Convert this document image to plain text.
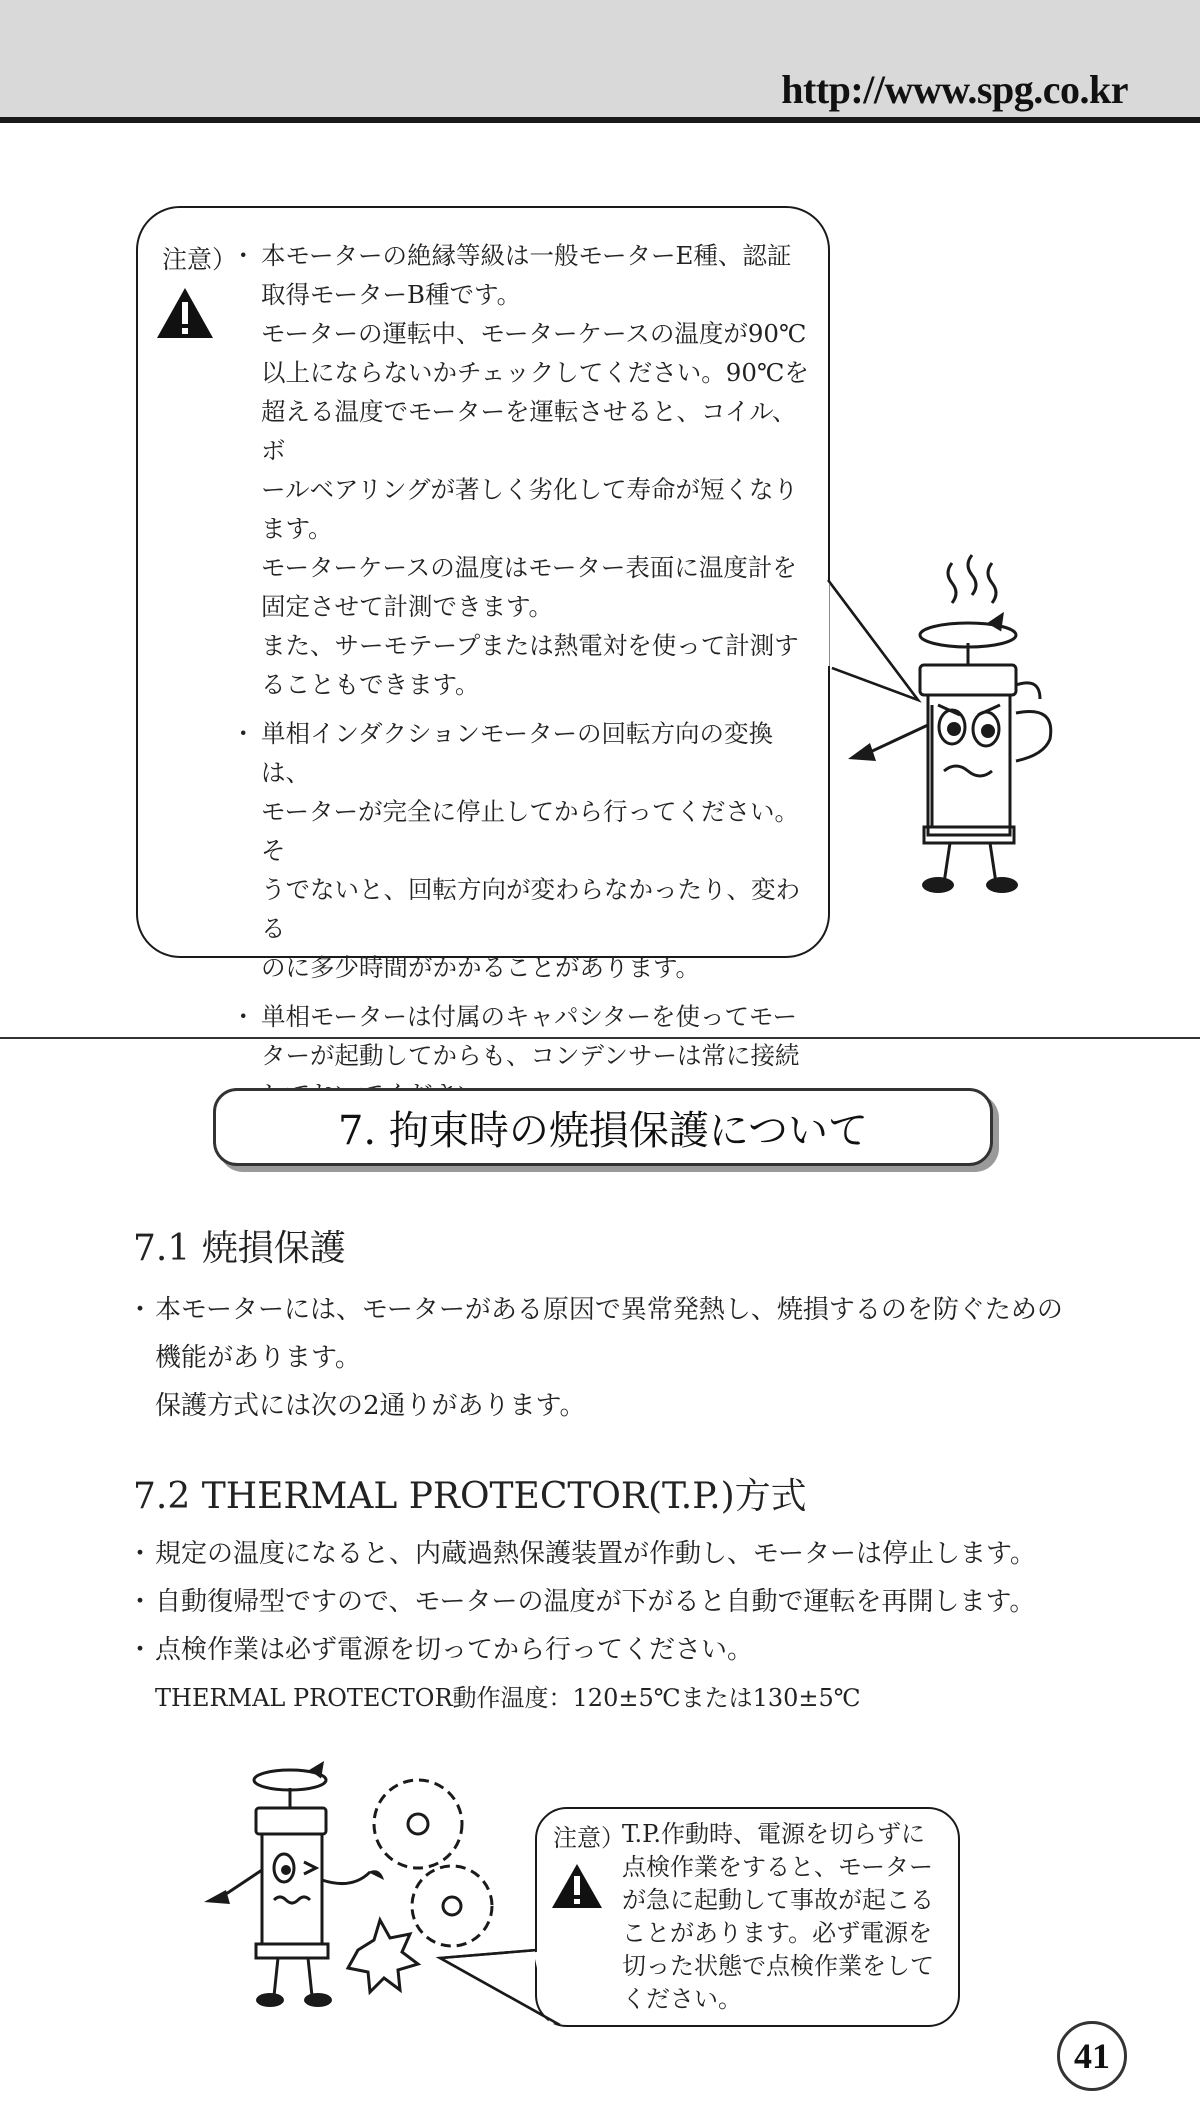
http://www.spg.co.kr
注意）

・ 本モーターの絶縁等級は一般モーターE種、認証

取得モーターB種です。

モーターの運転中、モーターケースの温度が90℃

以上にならないかチェックしてください。90℃を

超える温度でモーターを運転させると、コイル、ボ

ールベアリングが著しく劣化して寿命が短くなり

ます。

モーターケースの温度はモーター表面に温度計を

固定させて計測できます。

また、サーモテープまたは熱電対を使って計測す

ることもできます。

・ 単相インダクションモーターの回転方向の変換は、

モーターが完全に停止してから行ってください。そ

うでないと、回転方向が変わらなかったり、変わる

のに多少時間がかかることがあります。

・ 単相モーターは付属のキャパシターを使ってモー

ターが起動してからも、コンデンサーは常に接続

7. 拘束時の焼損保護について
7.1 焼損保護

・ 本モーターには、モーターがある原因で異常発熱し、焼損するのを防ぐための

機能があります。

保護方式には次の2通りがあります。

7.2 THERMAL PROTECTOR(T.P.)方式

・ 規定の温度になると、内蔵過熱保護装置が作動し、モーターは停止します。

・ 自動復帰型ですので、モーターの温度が下がると自動で運転を再開します。

・ 点検作業は必ず電源を切ってから行ってください。

THERMAL PROTECTOR動作温度：120±5℃または130±5℃

注意）

T.P.作動時、電源を切らずに

点検作業をすると、モーター

が急に起動して事故が起こる

ことがあります。必ず電源を

切った状態で点検作業をして

ください。

41
